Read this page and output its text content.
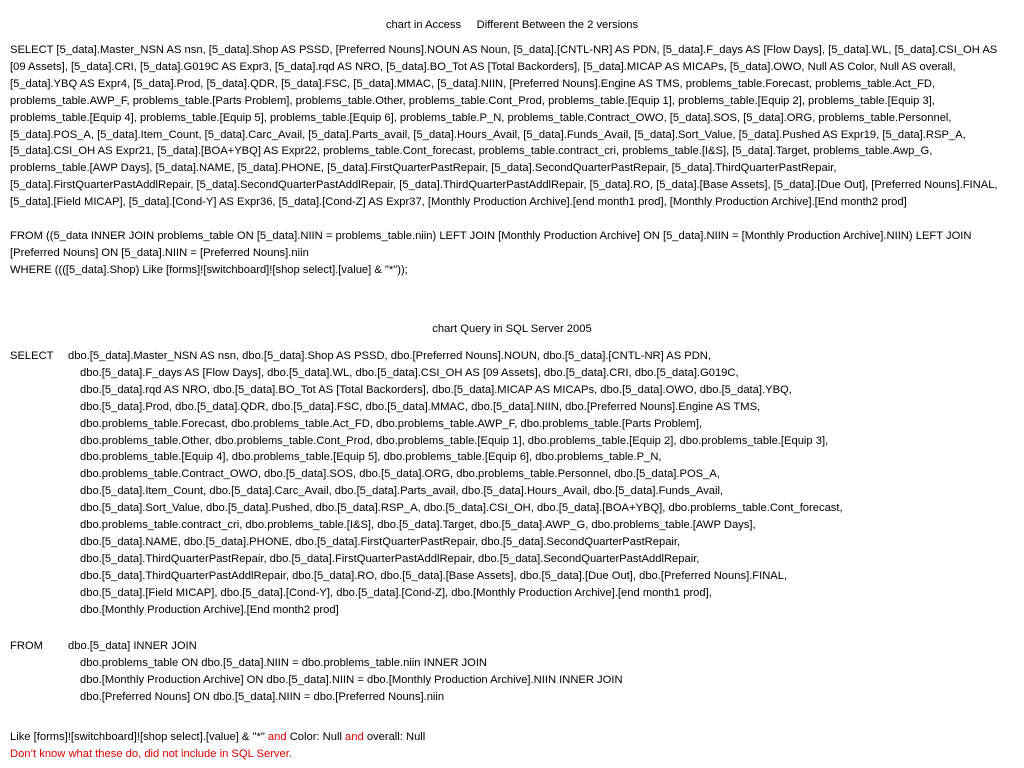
chart in Access     Different Between the 2 versions

SELECT [5_data].Master_NSN AS nsn, [5_data].Shop AS PSSD, [Preferred Nouns].NOUN AS Noun, [5_data].[CNTL-NR] AS PDN, [5_data].F_days AS [Flow Days], [5_data].WL, [5_data].CSI_OH AS [09 Assets], [5_data].CRI, [5_data].G019C AS Expr3, [5_data].rqd AS NRO, [5_data].BO_Tot AS [Total Backorders], [5_data].MICAP AS MICAPs, [5_data].OWO, Null AS Color, Null AS overall, [5_data].YBQ AS Expr4, [5_data].Prod, [5_data].QDR, [5_data].FSC, [5_data].MMAC, [5_data].NIIN, [Preferred Nouns].Engine AS TMS, problems_table.Forecast, problems_table.Act_FD, problems_table.AWP_F, problems_table.[Parts Problem], problems_table.Other, problems_table.Cont_Prod, problems_table.[Equip 1], problems_table.[Equip 2], problems_table.[Equip 3], problems_table.[Equip 4], problems_table.[Equip 5], problems_table.[Equip 6], problems_table.P_N, problems_table.Contract_OWO, [5_data].SOS, [5_data].ORG, problems_table.Personnel, [5_data].POS_A, [5_data].Item_Count, [5_data].Carc_Avail, [5_data].Parts_avail, [5_data].Hours_Avail, [5_data].Funds_Avail, [5_data].Sort_Value, [5_data].Pushed AS Expr19, [5_data].RSP_A, [5_data].CSI_OH AS Expr21, [5_data].[BOA+YBQ] AS Expr22, problems_table.Cont_forecast, problems_table.contract_cri, problems_table.[I&S], [5_data].Target, problems_table.Awp_G, problems_table.[AWP Days], [5_data].NAME, [5_data].PHONE, [5_data].FirstQuarterPastRepair, [5_data].SecondQuarterPastRepair, [5_data].ThirdQuarterPastRepair, [5_data].FirstQuarterPastAddlRepair, [5_data].SecondQuarterPastAddlRepair, [5_data].ThirdQuarterPastAddlRepair, [5_data].RO, [5_data].[Base Assets], [5_data].[Due Out], [Preferred Nouns].FINAL, [5_data].[Field MICAP], [5_data].[Cond-Y] AS Expr36, [5_data].[Cond-Z] AS Expr37, [Monthly Production Archive].[end month1 prod], [Monthly Production Archive].[End month2 prod]

FROM ((5_data INNER JOIN problems_table ON [5_data].NIIN = problems_table.niin) LEFT JOIN [Monthly Production Archive] ON [5_data].NIIN = [Monthly Production Archive].NIIN) LEFT JOIN [Preferred Nouns] ON [5_data].NIIN = [Preferred Nouns].niin

WHERE ((([5_data].Shop) Like [forms]![switchboard]![shop select].[value] & "*"));

chart Query in SQL Server 2005
SELECT	dbo.[5_data].Master_NSN AS nsn, dbo.[5_data].Shop AS PSSD, dbo.[Preferred Nouns].NOUN, dbo.[5_data].[CNTL-NR] AS PDN,
dbo.[5_data].F_days AS [Flow Days], dbo.[5_data].WL, dbo.[5_data].CSI_OH AS [09 Assets], dbo.[5_data].CRI, dbo.[5_data].G019C,
dbo.[5_data].rqd AS NRO, dbo.[5_data].BO_Tot AS [Total Backorders], dbo.[5_data].MICAP AS MICAPs, dbo.[5_data].OWO, dbo.[5_data].YBQ,
dbo.[5_data].Prod, dbo.[5_data].QDR, dbo.[5_data].FSC, dbo.[5_data].MMAC, dbo.[5_data].NIIN, dbo.[Preferred Nouns].Engine AS TMS,
dbo.problems_table.Forecast, dbo.problems_table.Act_FD, dbo.problems_table.AWP_F, dbo.problems_table.[Parts Problem],
dbo.problems_table.Other, dbo.problems_table.Cont_Prod, dbo.problems_table.[Equip 1], dbo.problems_table.[Equip 2], dbo.problems_table.[Equip 3],
dbo.problems_table.[Equip 4], dbo.problems_table.[Equip 5], dbo.problems_table.[Equip 6], dbo.problems_table.P_N,
dbo.problems_table.Contract_OWO, dbo.[5_data].SOS, dbo.[5_data].ORG, dbo.problems_table.Personnel, dbo.[5_data].POS_A,
dbo.[5_data].Item_Count, dbo.[5_data].Carc_Avail, dbo.[5_data].Parts_avail, dbo.[5_data].Hours_Avail, dbo.[5_data].Funds_Avail,
dbo.[5_data].Sort_Value, dbo.[5_data].Pushed, dbo.[5_data].RSP_A, dbo.[5_data].CSI_OH, dbo.[5_data].[BOA+YBQ], dbo.problems_table.Cont_forecast,
dbo.problems_table.contract_cri, dbo.problems_table.[I&S], dbo.[5_data].Target, dbo.[5_data].AWP_G, dbo.problems_table.[AWP Days],
dbo.[5_data].NAME, dbo.[5_data].PHONE, dbo.[5_data].FirstQuarterPastRepair, dbo.[5_data].SecondQuarterPastRepair,
dbo.[5_data].ThirdQuarterPastRepair, dbo.[5_data].FirstQuarterPastAddlRepair, dbo.[5_data].SecondQuarterPastAddlRepair,
dbo.[5_data].ThirdQuarterPastAddlRepair, dbo.[5_data].RO, dbo.[5_data].[Base Assets], dbo.[5_data].[Due Out], dbo.[Preferred Nouns].FINAL,
dbo.[5_data].[Field MICAP], dbo.[5_data].[Cond-Y], dbo.[5_data].[Cond-Z], dbo.[Monthly Production Archive].[end month1 prod],
dbo.[Monthly Production Archive].[End month2 prod]
FROM	dbo.[5_data] INNER JOIN
dbo.problems_table ON dbo.[5_data].NIIN = dbo.problems_table.niin INNER JOIN
dbo.[Monthly Production Archive] ON dbo.[5_data].NIIN = dbo.[Monthly Production Archive].NIIN INNER JOIN
dbo.[Preferred Nouns] ON dbo.[5_data].NIIN = dbo.[Preferred Nouns].niin
Like [forms]![switchboard]![shop select].[value] & "*" and Color: Null and overall: Null
Don’t know what these do, did not include in SQL Server.
